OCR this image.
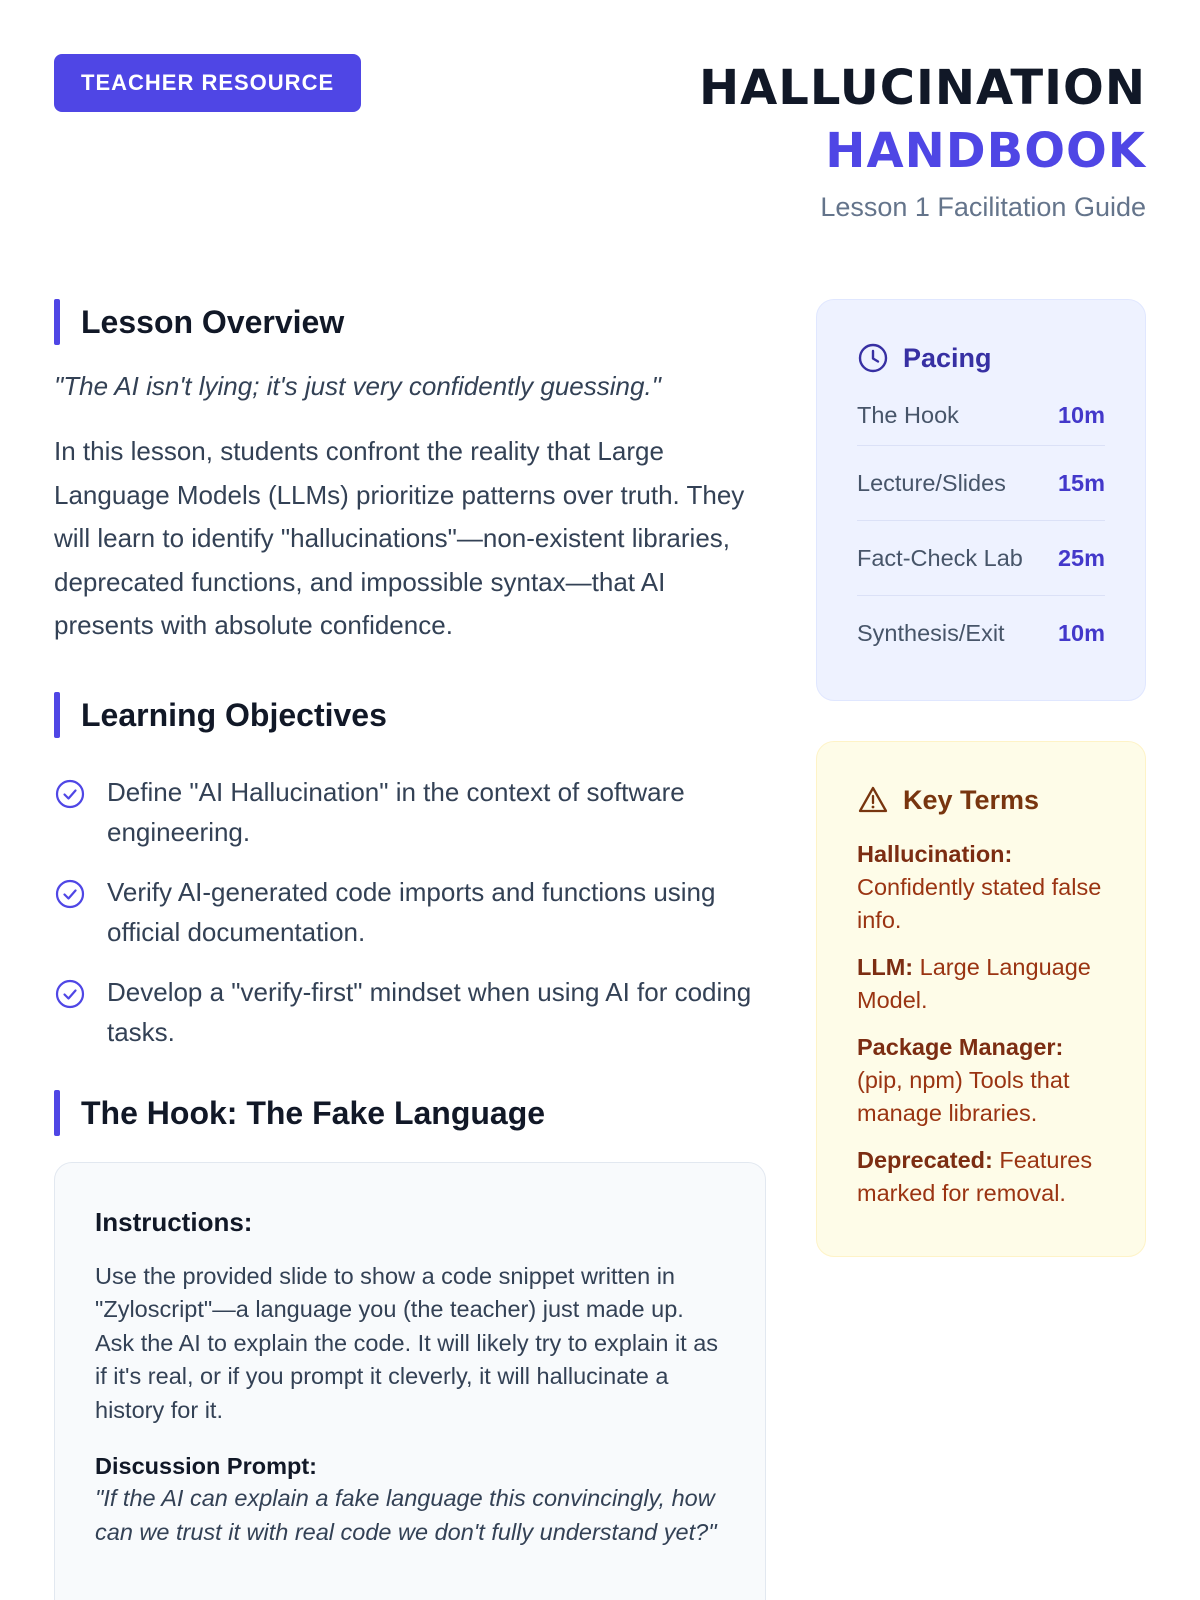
TEACHER RESOURCE	HALLUCINATION
HANDBOOK
Lesson 1 Facilitation Guide
Lesson Overview

"The AI isn't lying; it's just very confidently guessing."

In this lesson, students confront the reality that Large Language Models (LLMs) prioritize patterns over truth. They will learn to identify "hallucinations"—non-existent libraries, deprecated functions, and impossible syntax—that AI presents with absolute confidence.

Learning Objectives
Define "AI Hallucination" in the context of software engineering.
Verify AI-generated code imports and functions using official documentation.
Develop a "verify-first" mindset when using AI for coding tasks.
The Hook: The Fake Language
Instructions:

Use the provided slide to show a code snippet written in "Zyloscript"—a language you (the teacher) just made up. Ask the AI to explain the code. It will likely try to explain it as if it's real, or if you prompt it cleverly, it will hallucinate a history for it.

Discussion Prompt:

"If the AI can explain a fake language this convincingly, how can we trust it with real code we don't fully understand yet?"

Pacing
The Hook	10m
Lecture/Slides 15m
Fact-Check Lab 25m
Synthesis/Exit 10m
Key Terms
Hallucination: Confidently stated false info.
LLM: Large Language Model.
Package Manager: (pip, npm) Tools that manage libraries.
Deprecated: Features marked for removal.
